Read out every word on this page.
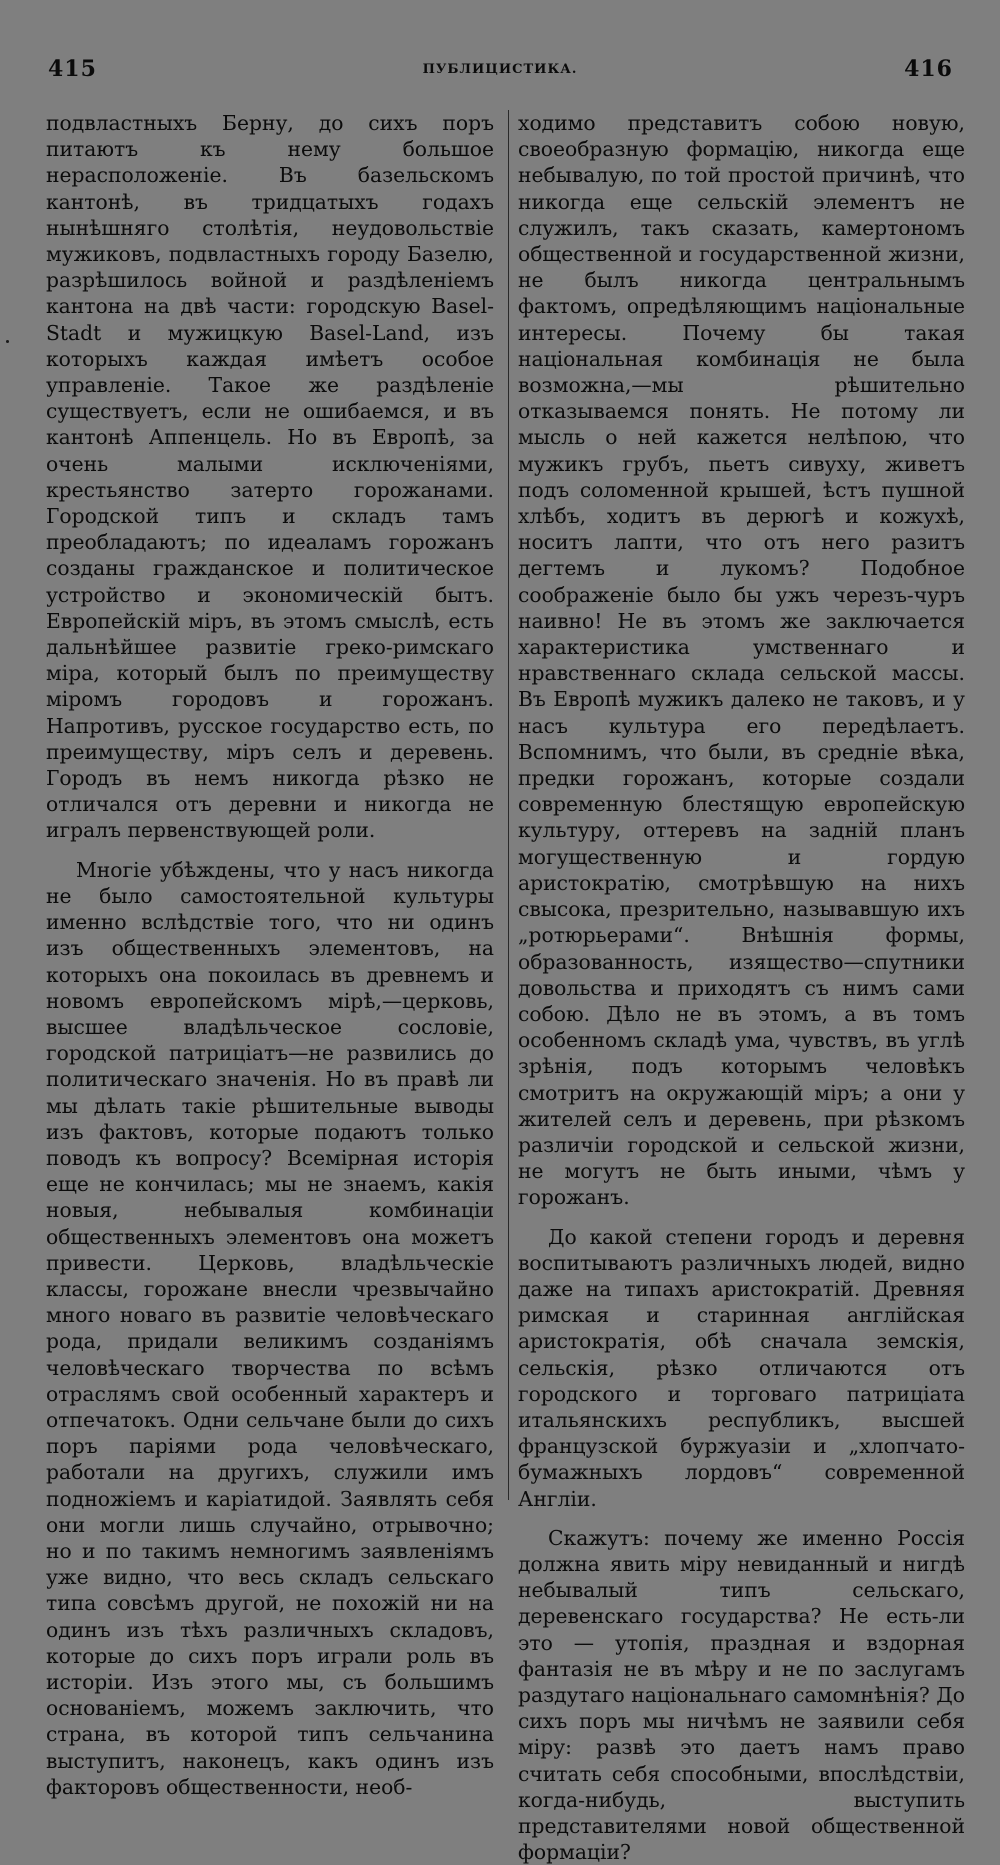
415	ПУБЛИЦИСТИКА.	416

подвластныхъ Берну, до сихъ поръ питаютъ къ нему большое нерасположеніе. Въ базельскомъ кантонѣ, въ тридцатыхъ годахъ нынѣшняго столѣтія, неудовольствіе мужиковъ, подвластныхъ городу Базелю, разрѣшилось войной и раздѣленіемъ кантона на двѣ части: городскую Basel-Stadt и мужицкую Basel-Land, изъ которыхъ каждая имѣетъ особое управленіе. Такое же раздѣленіе существуетъ, если не ошибаемся, и въ кантонѣ Аппенцель. Но въ Европѣ, за очень малыми исключеніями, крестьянство затерто горожанами. Городской типъ и складъ тамъ преобладаютъ; по идеаламъ горожанъ созданы гражданское и политическое устройство и экономическій бытъ. Европейскій міръ, въ этомъ смыслѣ, есть дальнѣйшее развитіе греко-римскаго міра, который былъ по преимуществу міромъ городовъ и горожанъ. Напротивъ, русское государство есть, по преимуществу, міръ селъ и деревень. Городъ въ немъ никогда рѣзко не отличался отъ деревни и никогда не игралъ первенствующей роли.

Многіе убѣждены, что у насъ никогда не было самостоятельной культуры именно вслѣдствіе того, что ни одинъ изъ общественныхъ элементовъ, на которыхъ она покоилась въ древнемъ и новомъ европейскомъ мірѣ,—церковь, высшее владѣльческое сословіе, городской патриціатъ—не развились до политическаго значенія. Но въ правѣ ли мы дѣлать такіе рѣшительные выводы изъ фактовъ, которые подаютъ только поводъ къ вопросу? Всемірная исторія еще не кончилась; мы не знаемъ, какія новыя, небывалыя комбинаціи общественныхъ элементовъ она можетъ привести. Церковь, владѣльческіе классы, горожане внесли чрезвычайно много новаго въ развитіе человѣческаго рода, придали великимъ созданіямъ человѣческаго творчества по всѣмъ отраслямъ свой особенный характеръ и отпечатокъ. Одни сельчане были до сихъ поръ паріями рода человѣческаго, работали на другихъ, служили имъ подножіемъ и каріатидой. Заявлять себя они могли лишь случайно, отрывочно; но и по такимъ немногимъ заявленіямъ уже видно, что весь складъ сельскаго типа совсѣмъ другой, не похожій ни на одинъ изъ тѣхъ различныхъ складовъ, которые до сихъ поръ играли роль въ исторіи. Изъ этого мы, съ большимъ основаніемъ, можемъ заключить, что страна, въ которой типъ сельчанина выступитъ, наконецъ, какъ одинъ изъ факторовъ общественности, необ-

ходимо представитъ собою новую, своеобразную формацію, никогда еще небывалую, по той простой причинѣ, что никогда еще сельскій элементъ не служилъ, такъ сказать, камертономъ общественной и государственной жизни, не былъ никогда центральнымъ фактомъ, опредѣляющимъ національные интересы. Почему бы такая національная комбинація не была возможна,—мы рѣшительно отказываемся понять. Не потому ли мысль о ней кажется нелѣпою, что мужикъ грубъ, пьетъ сивуху, живетъ подъ соломенной крышей, ѣстъ пушной хлѣбъ, ходитъ въ дерюгѣ и кожухѣ, носитъ лапти, что отъ него разитъ дегтемъ и лукомъ? Подобное соображеніе было бы ужъ черезъ-чуръ наивно! Не въ этомъ же заключается характеристика умственнаго и нравственнаго склада сельской массы. Въ Европѣ мужикъ далеко не таковъ, и у насъ культура его передѣлаетъ. Вспомнимъ, что были, въ средніе вѣка, предки горожанъ, которые создали современную блестящую европейскую культуру, оттеревъ на задній планъ могущественную и гордую аристократію, смотрѣвшую на нихъ свысока, презрительно, называвшую ихъ „ротюрьерами“. Внѣшнія формы, образованность, изящество—спутники довольства и приходятъ съ нимъ сами собою. Дѣло не въ этомъ, а въ томъ особенномъ складѣ ума, чувствъ, въ углѣ зрѣнія, подъ которымъ человѣкъ смотритъ на окружающій міръ; а они у жителей селъ и деревень, при рѣзкомъ различіи городской и сельской жизни, не могутъ не быть иными, чѣмъ у горожанъ.

До какой степени городъ и деревня воспитываютъ различныхъ людей, видно даже на типахъ аристократій. Древняя римская и старинная англійская аристократія, обѣ сначала земскія, сельскія, рѣзко отличаются отъ городского и торговаго патриціата итальянскихъ республикъ, высшей французской буржуазіи и „хлопчато-бумажныхъ лордовъ“ современной Англіи.

Скажутъ: почему же именно Россія должна явить міру невиданный и нигдѣ небывалый типъ сельскаго, деревенскаго государства? Не есть-ли это — утопія, праздная и вздорная фантазія не въ мѣру и не по заслугамъ раздутаго національнаго самомнѣнія? До сихъ поръ мы ничѣмъ не заявили себя міру: развѣ это даетъ намъ право считать себя способными, впослѣдствіи, когда-нибудь, выступить представителями новой общественной формаціи?
